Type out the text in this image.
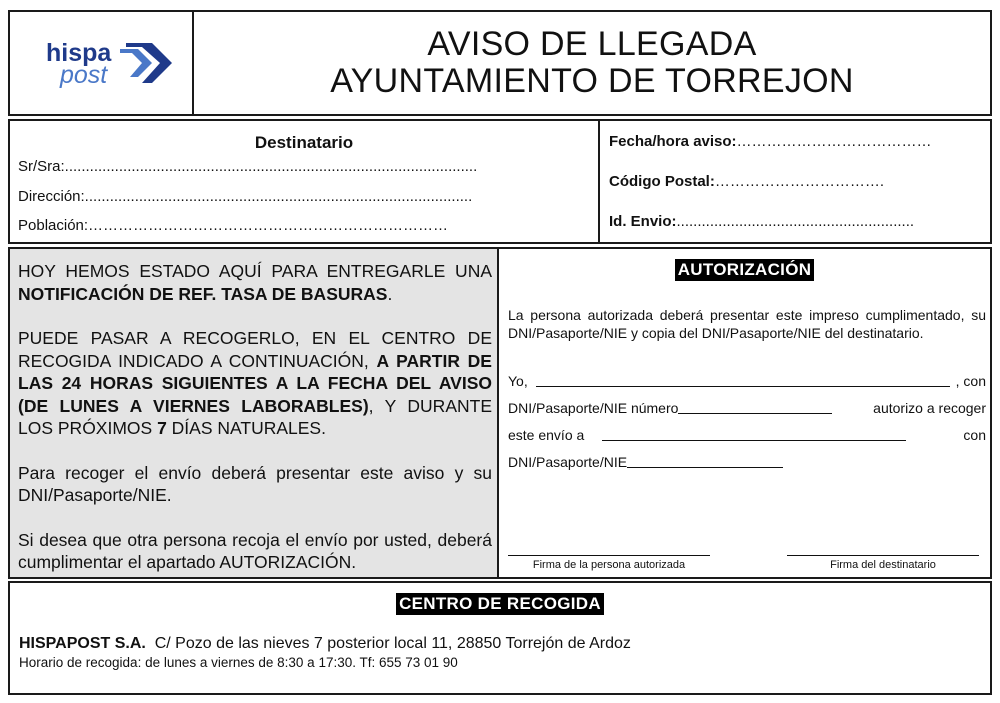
hispa
post
AVISO DE LLEGADA
AYUNTAMIENTO DE TORREJON
Destinatario
Sr/Sra:...................................................................................................
Dirección:.............................................................................................
Población:………………………………………………………………
Fecha/hora aviso:…………………………………
Código Postal:…………………………….
Id. Envio:.........................................................

HOY HEMOS ESTADO AQUÍ PARA ENTREGARLE UNA NOTIFICACIÓN DE REF. TASA DE BASURAS.

PUEDE PASAR A RECOGERLO, EN EL CENTRO DE RECOGIDA INDICADO A CONTINUACIÓN, A PARTIR DE LAS 24 HORAS SIGUIENTES A LA FECHA DEL AVISO (DE LUNES A VIERNES LABORABLES), Y DURANTE LOS PRÓXIMOS 7 DÍAS NATURALES.

Para recoger el envío deberá presentar este aviso y su DNI/Pasaporte/NIE.

Si desea que otra persona recoja el envío por usted, deberá cumplimentar el apartado AUTORIZACIÓN.

AUTORIZACIÓN
La persona autorizada deberá presentar este impreso cumplimentado, su DNI/Pasaporte/NIE y copia del DNI/Pasaporte/NIE del destinatario.
Yo,	, con
DNI/Pasaporte/NIE número	autorizo a recoger
este envío a	con
DNI/Pasaporte/NIE
Firma de la persona autorizada	Firma del destinatario
CENTRO DE RECOGIDA
HISPAPOST S.A. C/ Pozo de las nieves 7 posterior local 11, 28850 Torrejón de Ardoz
Horario de recogida: de lunes a viernes de 8:30 a 17:30. Tf: 655 73 01 90
